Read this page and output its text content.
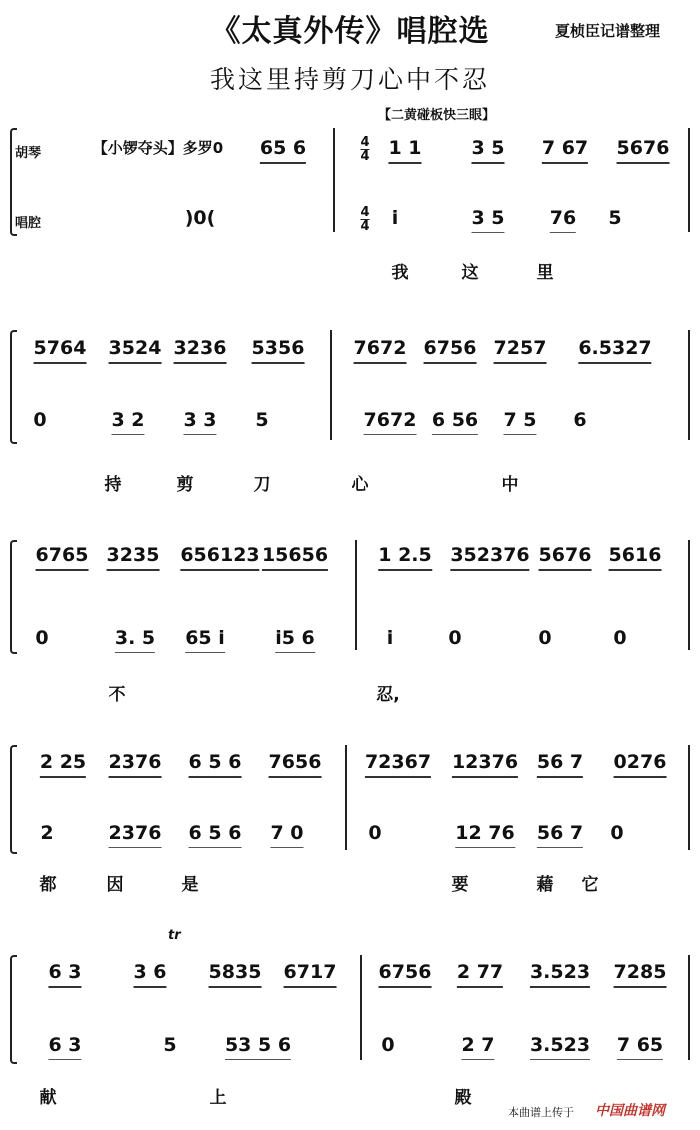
《太真外传》唱腔选	夏桢臣记谱整理
我这里持剪刀心中不忍
【二黄碰板快三眼】
本曲谱上传于 中国曲谱网
胡琴
唱腔
【小锣夺头】多罗0
)0(
4
4
4
4
tr
65 6	1 1	3 5 7 67 5676
i	3 5 76 5
我	这	里
5764 3524 3236 5356	7672 6756 7257 6.5327
0	3 2 3 3 5	7672 6 56 7 5 6
持	剪	刀	心	中
6765 3235 656123 15656	1 2.5 352376 5676 5616
0	3. 5 65 i	i5 6	i	0	0	0
不	忍,
2 25 2376 6 5 6 7656 72367 12376 56 7 0276
2	2376 6 5 6 7 0	0	12 76 56 7 0
都	因	是	要	藉 它
6 3	3 6 5835 6717 6756 2 77 3.523 7285
6 3	5	53 5 6	0	2 7 3.523 7 65
献	上	殿
